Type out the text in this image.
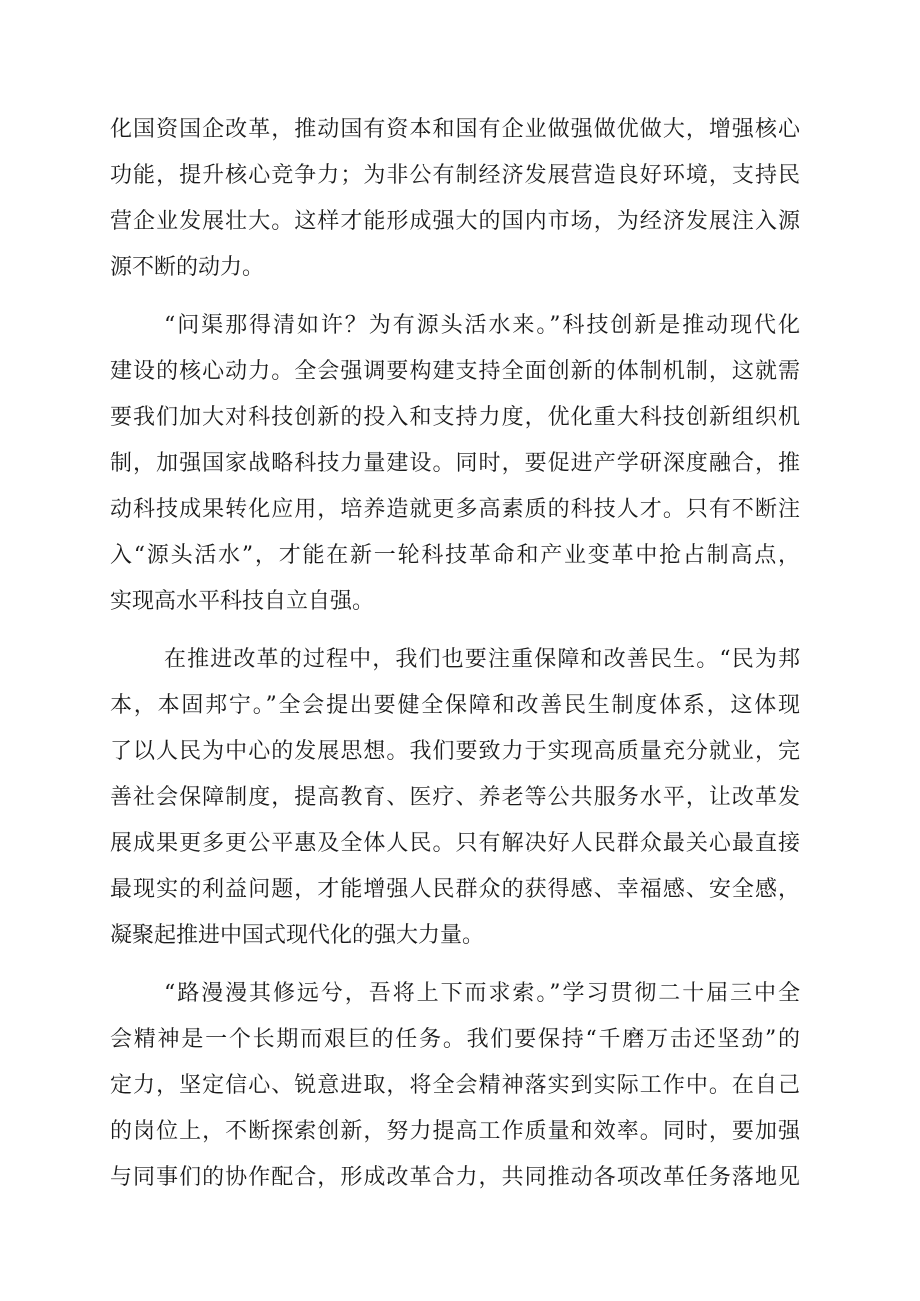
化国资国企改革，推动国有资本和国有企业做强做优做大，增强核心
功能，提升核心竞争力；为非公有制经济发展营造良好环境，支持民
营企业发展壮大。这样才能形成强大的国内市场，为经济发展注入源
源不断的动力。
“问渠那得清如许？为有源头活水来。”科技创新是推动现代化
建设的核心动力。全会强调要构建支持全面创新的体制机制，这就需
要我们加大对科技创新的投入和支持力度，优化重大科技创新组织机
制，加强国家战略科技力量建设。同时，要促进产学研深度融合，推
动科技成果转化应用，培养造就更多高素质的科技人才。只有不断注
入“源头活水”，才能在新一轮科技革命和产业变革中抢占制高点，
实现高水平科技自立自强。
在推进改革的过程中，我们也要注重保障和改善民生。“民为邦
本，本固邦宁。”全会提出要健全保障和改善民生制度体系，这体现
了以人民为中心的发展思想。我们要致力于实现高质量充分就业，完
善社会保障制度，提高教育、医疗、养老等公共服务水平，让改革发
展成果更多更公平惠及全体人民。只有解决好人民群众最关心最直接
最现实的利益问题，才能增强人民群众的获得感、幸福感、安全感，
凝聚起推进中国式现代化的强大力量。
“路漫漫其修远兮，吾将上下而求索。”学习贯彻二十届三中全
会精神是一个长期而艰巨的任务。我们要保持“千磨万击还坚劲”的
定力，坚定信心、锐意进取，将全会精神落实到实际工作中。在自己
的岗位上，不断探索创新，努力提高工作质量和效率。同时，要加强
与同事们的协作配合，形成改革合力，共同推动各项改革任务落地见
